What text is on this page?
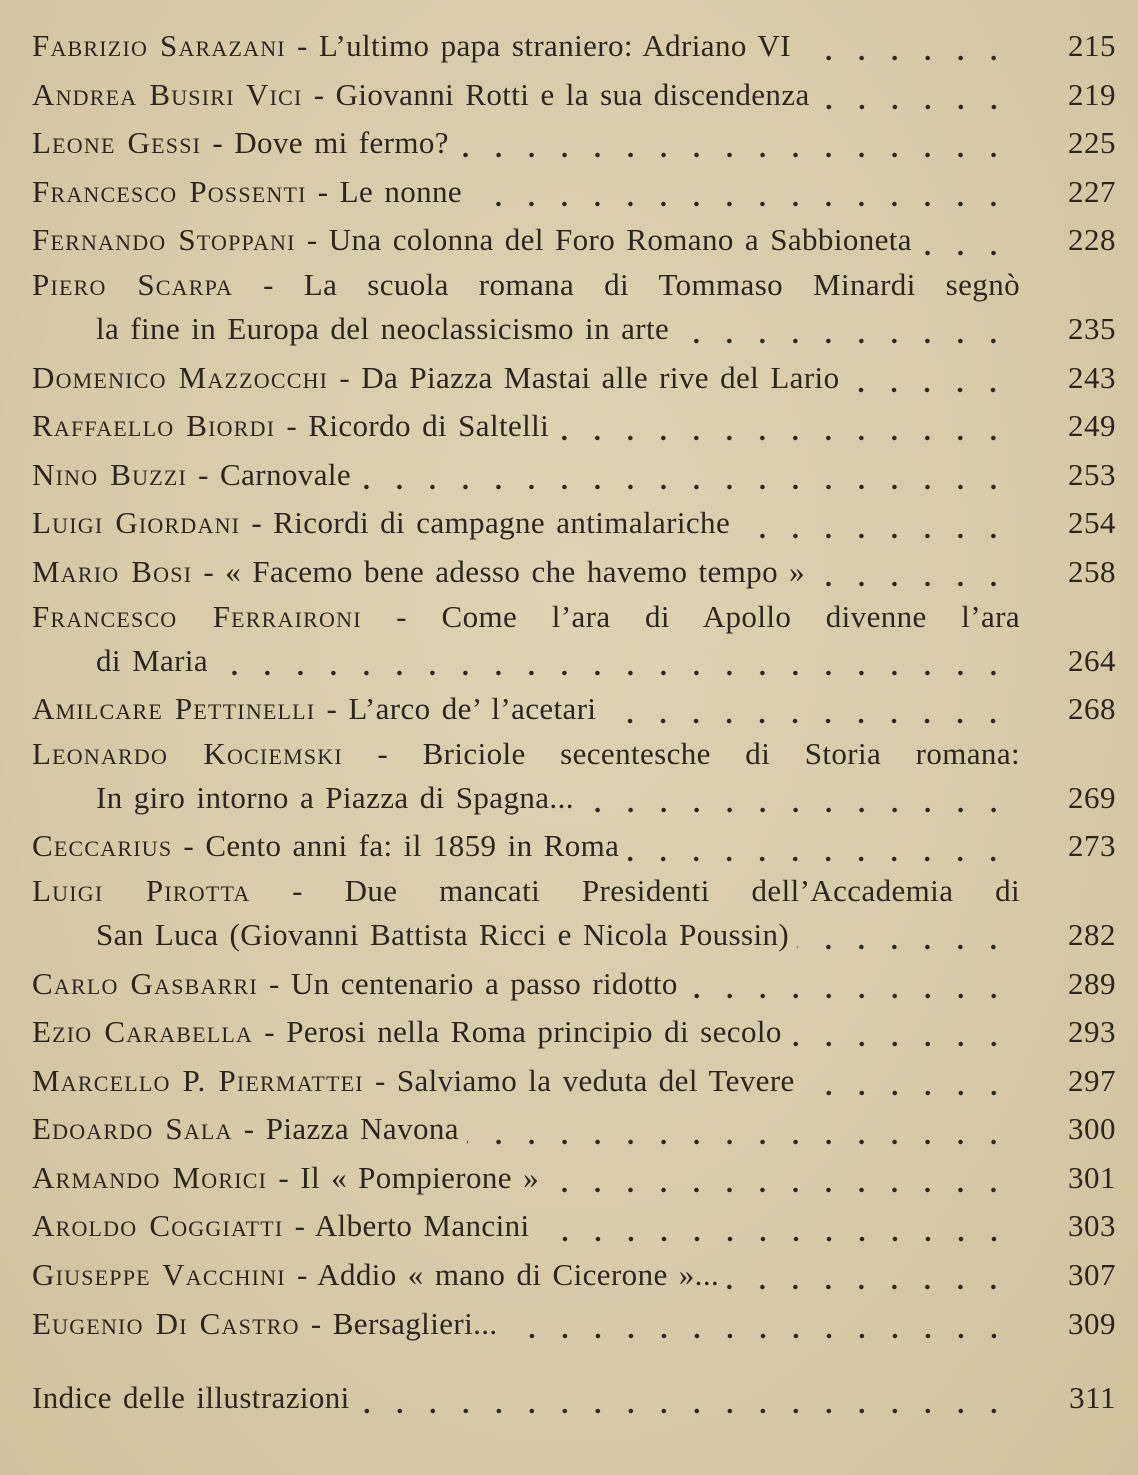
Fabrizio Sarazani - L’ultimo papa straniero: Adriano VI	215
Andrea Busiri Vici - Giovanni Rotti e la sua discendenza	219
Leone Gessi - Dove mi fermo?	225
Francesco Possenti - Le nonne	227
Fernando Stoppani - Una colonna del Foro Romano a Sabbioneta	228
Piero Scarpa - La scuola romana di Tommaso Minardi segnò
la fine in Europa del neoclassicismo in arte	235
Domenico Mazzocchi - Da Piazza Mastai alle rive del Lario	243
Raffaello Biordi - Ricordo di Saltelli	249
Nino Buzzi - Carnovale	253
Luigi Giordani - Ricordi di campagne antimalariche	254
Mario Bosi - « Facemo bene adesso che havemo tempo »	258
Francesco Ferraironi - Come l’ara di Apollo divenne l’ara
di Maria	264
Amilcare Pettinelli - L’arco de’ l’acetari	268
Leonardo Kociemski - Briciole secentesche di Storia romana:
In giro intorno a Piazza di Spagna...	269
Ceccarius - Cento anni fa: il 1859 in Roma	273
Luigi Pirotta - Due mancati Presidenti dell’Accademia di
San Luca (Giovanni Battista Ricci e Nicola Poussin)	282
Carlo Gasbarri - Un centenario a passo ridotto	289
Ezio Carabella - Perosi nella Roma principio di secolo	293
Marcello P. Piermattei - Salviamo la veduta del Tevere	297
Edoardo Sala - Piazza Navona	300
Armando Morici - Il « Pompierone »	301
Aroldo Coggiatti - Alberto Mancini	303
Giuseppe Vacchini - Addio « mano di Cicerone »...	307
Eugenio Di Castro - Bersaglieri...	309
Indice delle illustrazioni	311
